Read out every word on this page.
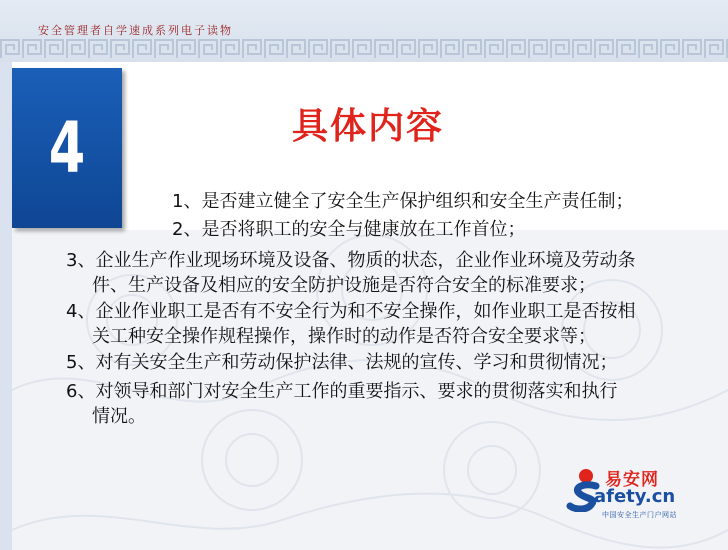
安全管理者自学速成系列电子读物
4	具体内容
1、是否建立健全了安全生产保护组织和安全生产责任制；
2、是否将职工的安全与健康放在工作首位；
3、企业生产作业现场环境及设备、物质的状态，企业作业环境及劳动条
件、生产设备及相应的安全防护设施是否符合安全的标准要求；
4、企业作业职工是否有不安全行为和不安全操作，如作业职工是否按相
关工种安全操作规程操作，操作时的动作是否符合安全要求等；
5、对有关安全生产和劳动保护法律、法规的宣传、学习和贯彻情况；
6、对领导和部门对安全生产工作的重要指示、要求的贯彻落实和执行
情况。
易安网
afety.cn
中国安全生产门户网站
